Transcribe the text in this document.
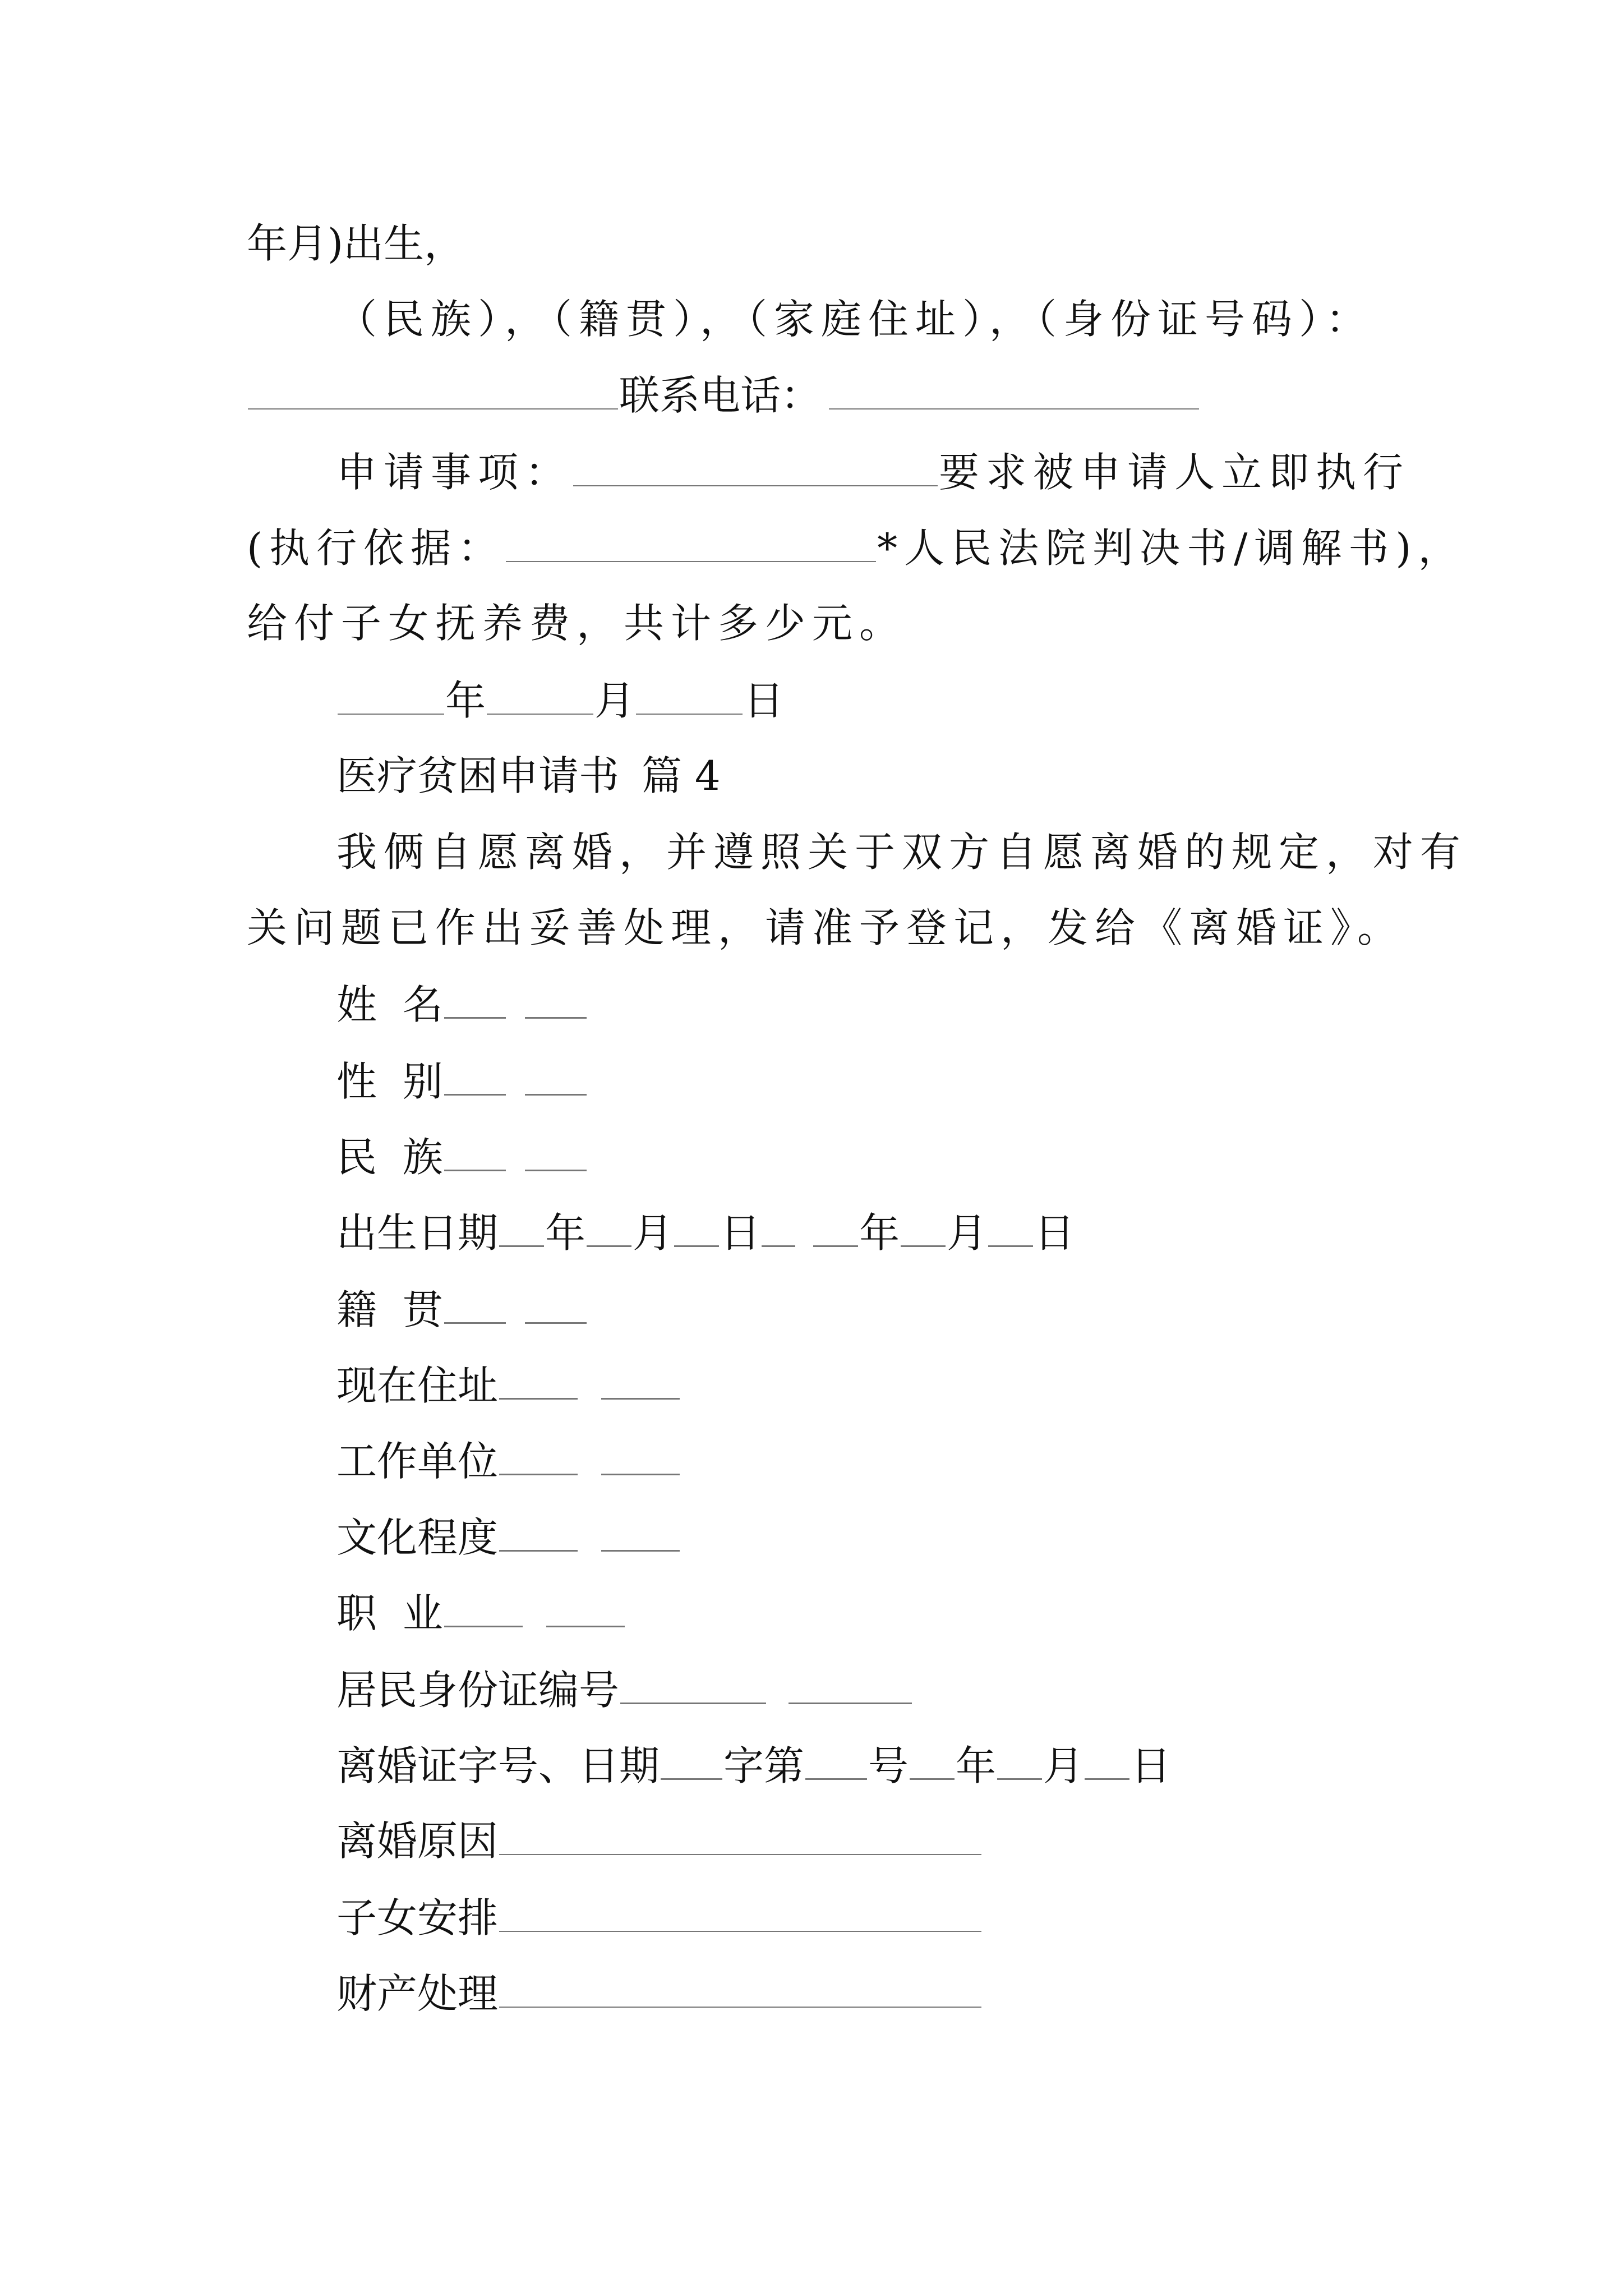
年月)出生，
（民族），（籍贯），（家庭住址），（身份证号码）：
联系电话：
申请事项：	要求被申请人立即执行
(执行依据：	*人民法院判决书/调解书)，
给付子女抚养费，共计多少元。
年	月	日
医疗贫困申请书 篇 4
我俩自愿离婚，并遵照关于双方自愿离婚的规定，对有
关问题已作出妥善处理，请准予登记，发给《离婚证》。
姓  名
性  别
民  族
出生日期 年 月 日 年 月 日
籍  贯
现在住址
工作单位
文化程度
职  业
居民身份证编号
离婚证字号、日期 字第 号 年 月 日
离婚原因
子女安排
财产处理
